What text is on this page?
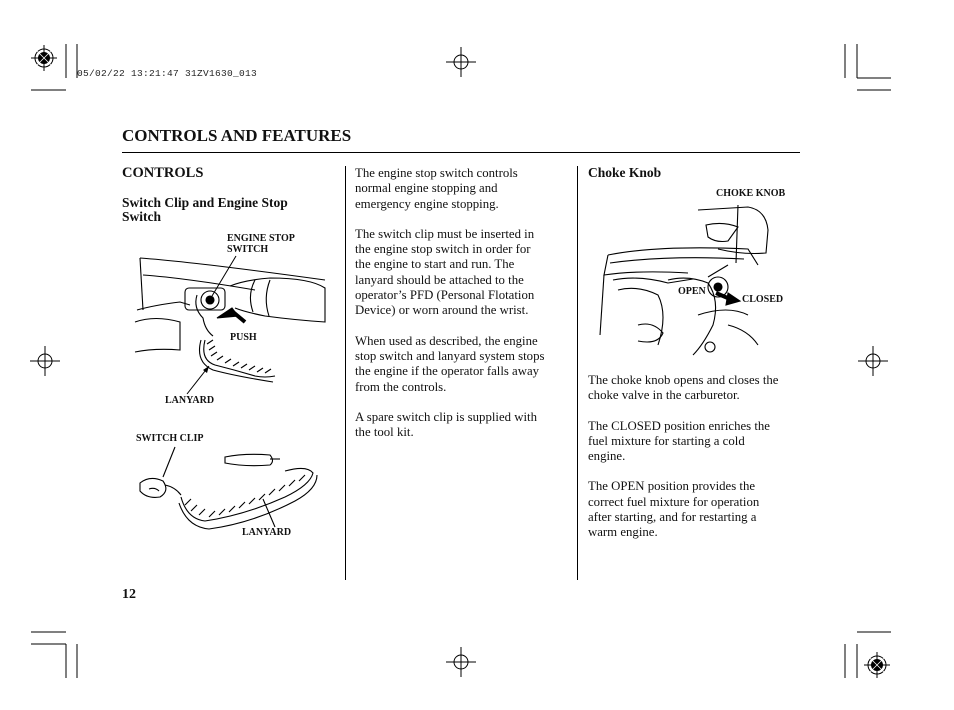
05/02/22 13:21:47 31ZV1630_013
CONTROLS AND FEATURES
CONTROLS
Switch Clip and Engine Stop
Switch
ENGINE STOP
SWITCH
PUSH
LANYARD
SWITCH CLIP
LANYARD
The engine stop switch controls
normal engine stopping and
emergency engine stopping.
The switch clip must be inserted in
the engine stop switch in order for
the engine to start and run. The
lanyard should be attached to the
operator’s PFD (Personal Flotation
Device) or worn around the wrist.
When used as described, the engine
stop switch and lanyard system stops
the engine if the operator falls away
from the controls.
A spare switch clip is supplied with
the tool kit.
Choke Knob
CHOKE KNOB
OPEN
CLOSED
The choke knob opens and closes the
choke valve in the carburetor.
The CLOSED position enriches the
fuel mixture for starting a cold
engine.
The OPEN position provides the
correct fuel mixture for operation
after starting, and for restarting a
warm engine.
12
